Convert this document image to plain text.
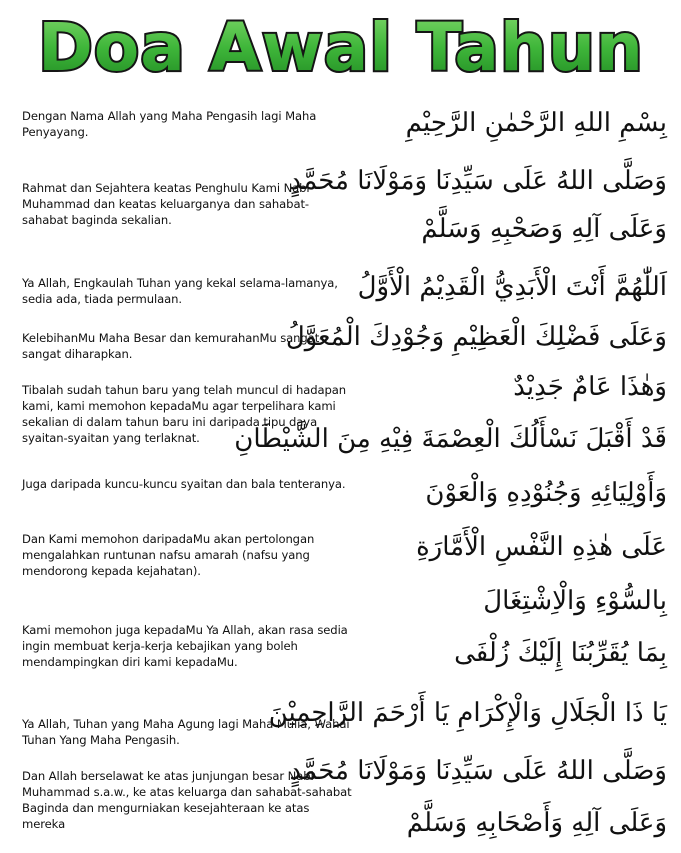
Doa Awal Tahun
Dengan Nama Allah yang Maha Pengasih lagi Maha Penyayang.
Rahmat dan Sejahtera keatas Penghulu Kami Nabi Muhammad dan keatas keluarganya dan sahabat-sahabat baginda sekalian.
Ya Allah, Engkaulah Tuhan yang kekal selama-lamanya, sedia ada, tiada permulaan.
KelebihanMu Maha Besar dan kemurahanMu sangat-sangat diharapkan.
Tibalah sudah tahun baru yang telah muncul di hadapan kami, kami memohon kepadaMu agar terpelihara kami sekalian di dalam tahun baru ini daripada tipu daya syaitan-syaitan yang terlaknat.
Juga daripada kuncu-kuncu syaitan dan bala tenteranya.
Dan Kami memohon daripadaMu akan pertolongan mengalahkan runtunan nafsu amarah (nafsu yang mendorong kepada kejahatan).
Kami memohon juga kepadaMu Ya Allah, akan rasa sedia ingin membuat kerja-kerja kebajikan yang boleh mendampingkan diri kami kepadaMu.
Ya Allah, Tuhan yang Maha Agung lagi Maha Mulia, Wahai Tuhan Yang Maha Pengasih.
Dan Allah berselawat ke atas junjungan besar Nabi Muhammad s.a.w., ke atas keluarga dan sahabat-sahabat Baginda dan mengurniakan kesejahteraan ke atas mereka
بِسْمِ اللهِ الرَّحْمٰنِ الرَّحِيْمِ
وَصَلَّى اللهُ عَلَى سَيِّدِنَا وَمَوْلَانَا مُحَمَّدٍ
وَعَلَى آلِهِ وَصَحْبِهِ وَسَلَّمْ
اَللّٰهُمَّ أَنْتَ الْأَبَدِيُّ الْقَدِيْمُ الْأَوَّلُ
وَعَلَى فَضْلِكَ الْعَظِيْمِ وَجُوْدِكَ الْمُعَوَّلُ
وَهٰذَا عَامٌ جَدِيْدٌ
قَدْ أَقْبَلَ نَسْأَلُكَ الْعِصْمَةَ فِيْهِ مِنَ الشَّيْطَانِ
وَأَوْلِيَائِهِ وَجُنُوْدِهِ وَالْعَوْنَ
عَلَى هٰذِهِ النَّفْسِ الْأَمَّارَةِ
بِالسُّوْءِ وَالْاِشْتِغَالَ
بِمَا يُقَرِّبُنَا إِلَيْكَ زُلْفَى
يَا ذَا الْجَلَالِ وَالْإِكْرَامِ يَا أَرْحَمَ الرَّاحِمِيْنَ
وَصَلَّى اللهُ عَلَى سَيِّدِنَا وَمَوْلَانَا مُحَمَّدٍ
وَعَلَى آلِهِ وَأَصْحَابِهِ وَسَلَّمْ
